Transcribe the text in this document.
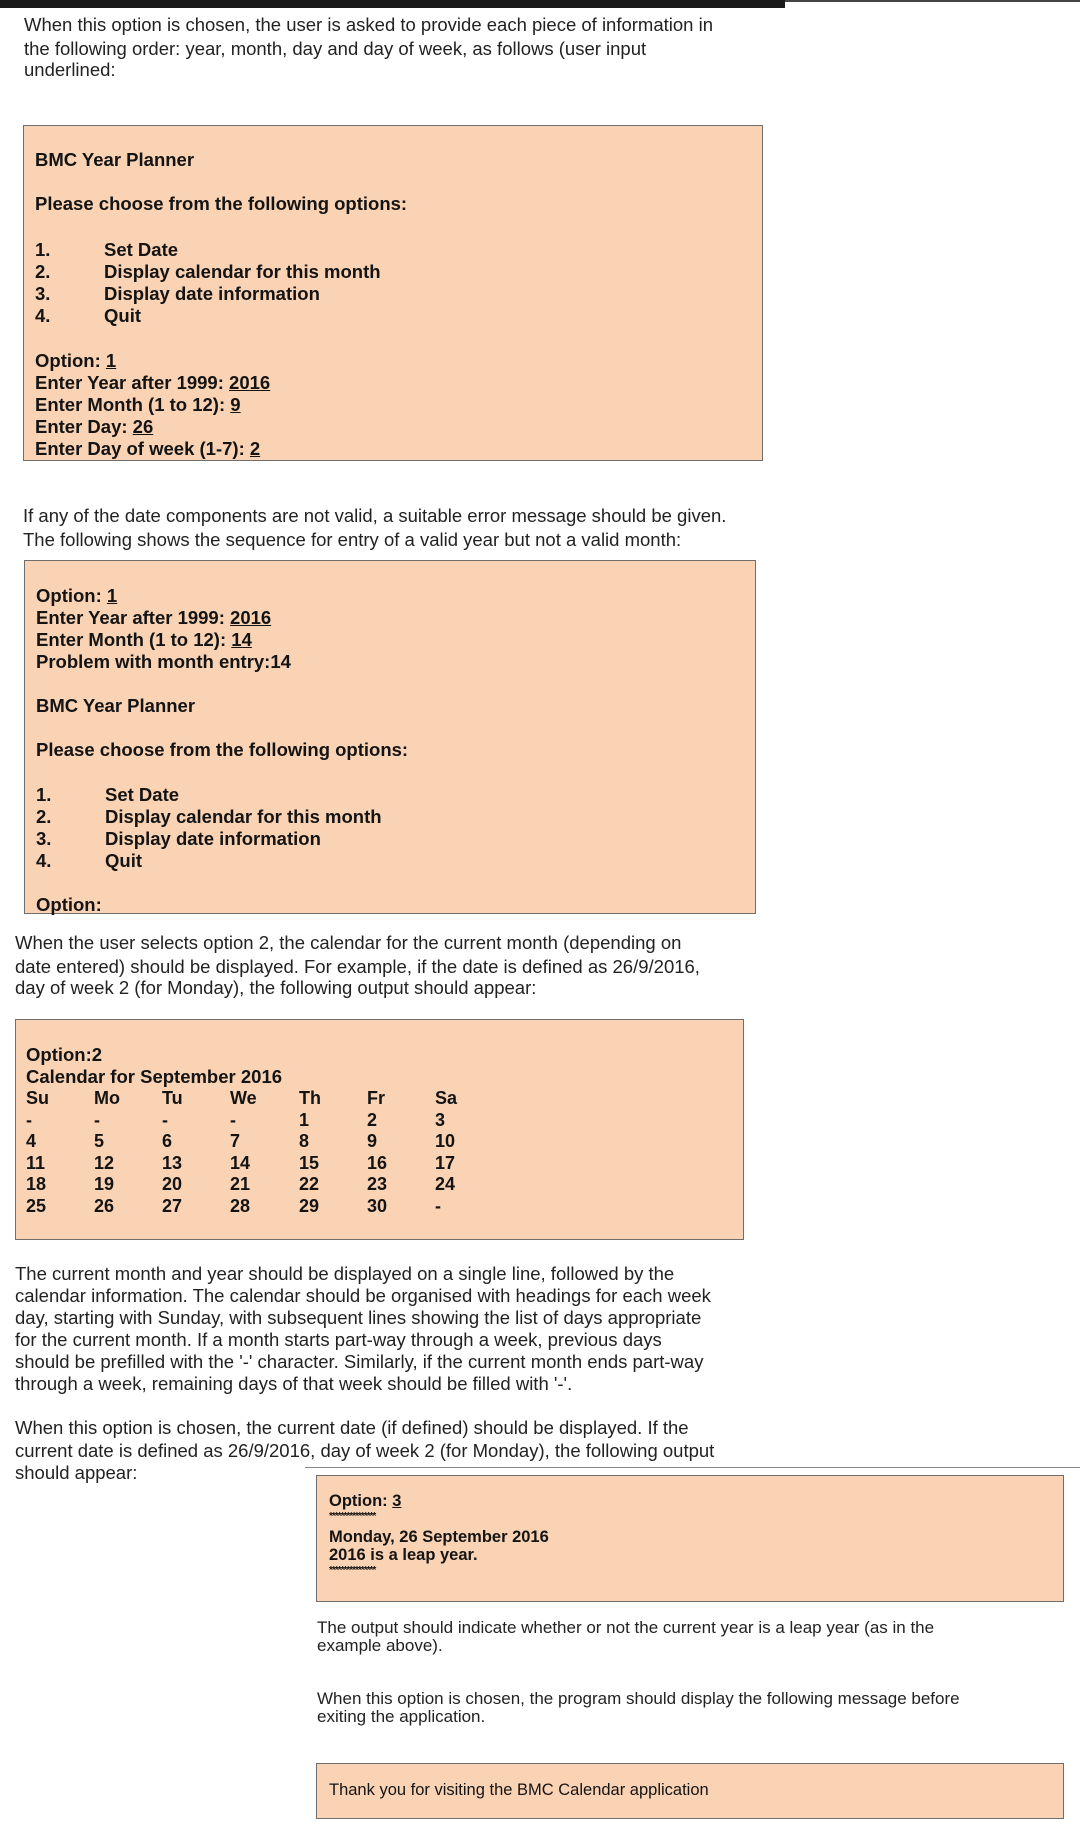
When this option is chosen, the user is asked to provide each piece of information in
the following order: year, month, day and day of week, as follows (user input
underlined:
BMC Year Planner
Please choose from the following options:
1.	Set Date
2.	Display calendar for this month
3.	Display date information
4.	Quit
Option: 1
Enter Year after 1999: 2016
Enter Month (1 to 12): 9
Enter Day: 26
Enter Day of week (1-7): 2
If any of the date components are not valid, a suitable error message should be given.
The following shows the sequence for entry of a valid year but not a valid month:
Option: 1
Enter Year after 1999: 2016
Enter Month (1 to 12): 14
Problem with month entry:14
BMC Year Planner
Please choose from the following options:
1.	Set Date
2.	Display calendar for this month
3.	Display date information
4.	Quit
Option:
When the user selects option 2, the calendar for the current month (depending on
date entered) should be displayed. For example, if the date is defined as 26/9/2016,
day of week 2 (for Monday), the following output should appear:
Option:2
Calendar for September 2016
Su	Mo	Tu	We	Th	Fr	Sa
-	-	-	-	1	2	3
4	5	6	7	8	9	10
11	12	13	14	15	16	17
18	19	20	21	22	23	24
25	26	27	28	29	30	-
The current month and year should be displayed on a single line, followed by the
calendar information. The calendar should be organised with headings for each week
day, starting with Sunday, with subsequent lines showing the list of days appropriate
for the current month. If a month starts part-way through a week, previous days
should be prefilled with the '-' character. Similarly, if the current month ends part-way
through a week, remaining days of that week should be filled with '-'.
When this option is chosen, the current date (if defined) should be displayed. If the
current date is defined as 26/9/2016, day of week 2 (for Monday), the following output
should appear:
Option: 3
****************
Monday, 26 September 2016
2016 is a leap year.
****************
The output should indicate whether or not the current year is a leap year (as in the
example above).
When this option is chosen, the program should display the following message before
exiting the application.
Thank you for visiting the BMC Calendar application
